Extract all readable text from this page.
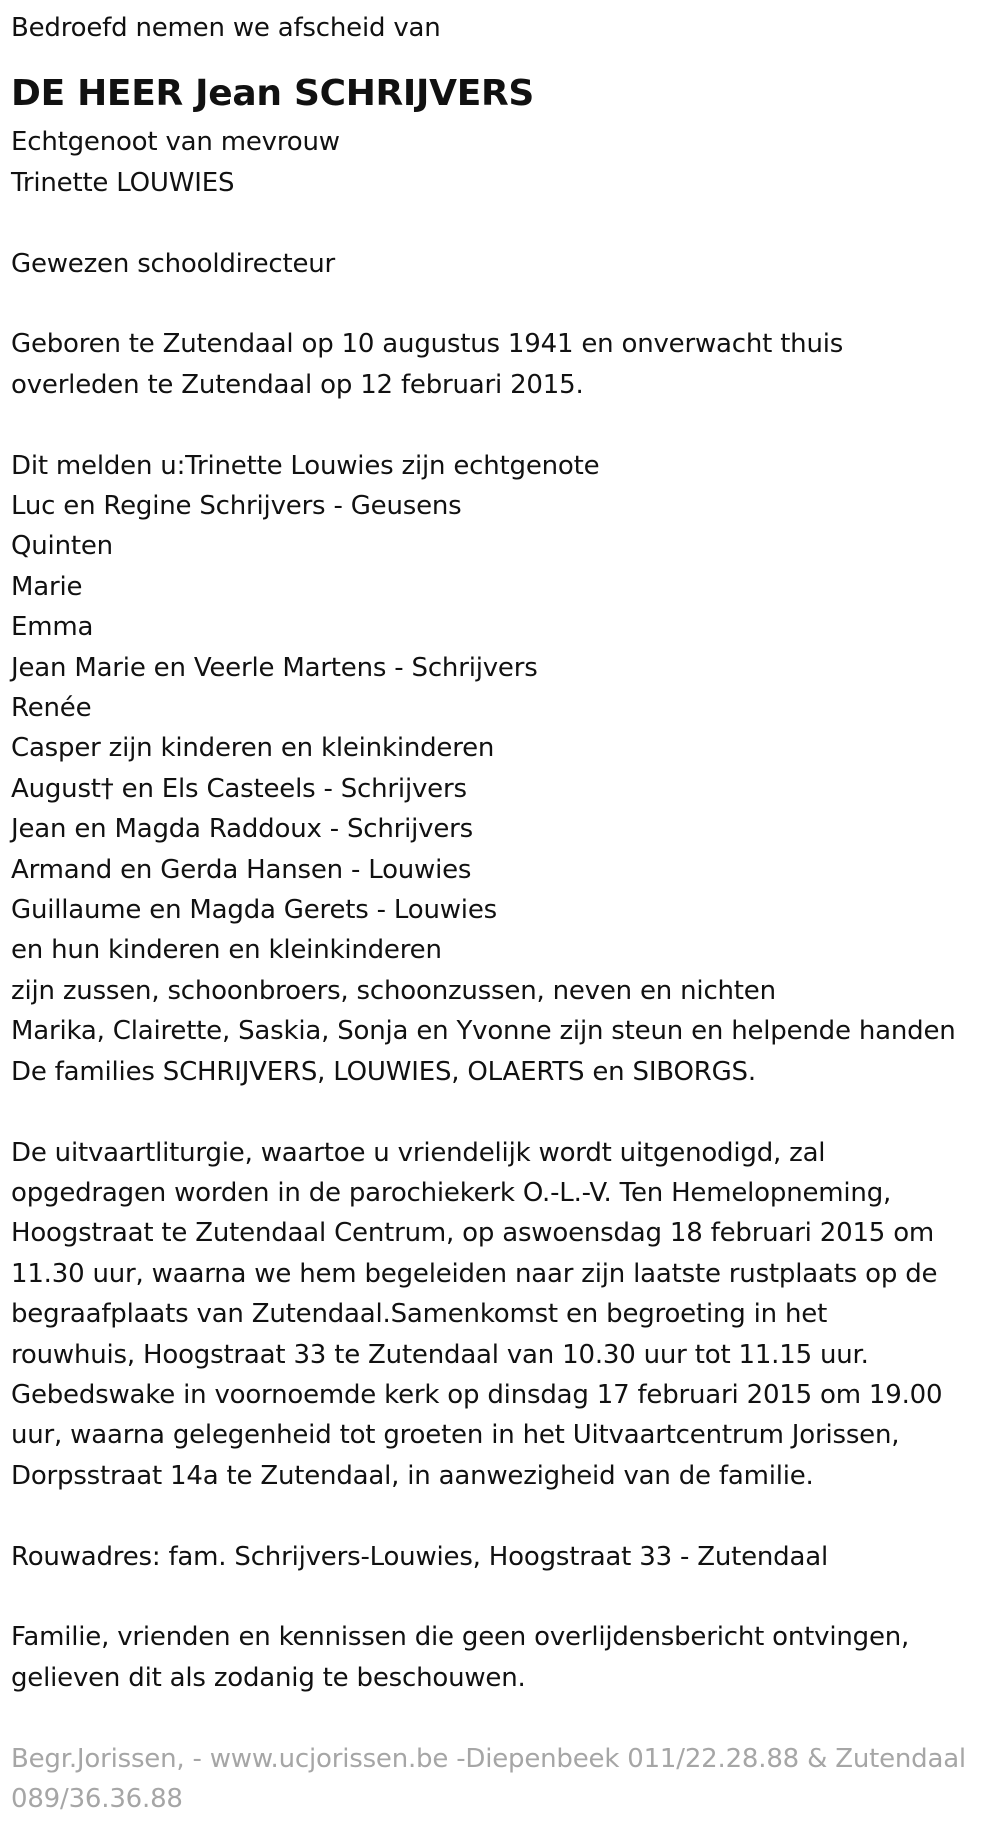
Bedroefd nemen we afscheid van
DE HEER Jean SCHRIJVERS
Echtgenoot van mevrouw
Trinette LOUWIES
Gewezen schooldirecteur
Geboren te Zutendaal op 10 augustus 1941 en onverwacht thuis
overleden te Zutendaal op 12 februari 2015.
Dit melden u:Trinette Louwies zijn echtgenote
Luc en Regine Schrijvers - Geusens
Quinten
Marie
Emma
Jean Marie en Veerle Martens - Schrijvers
Renée
Casper zijn kinderen en kleinkinderen
August† en Els Casteels - Schrijvers
Jean en Magda Raddoux - Schrijvers
Armand en Gerda Hansen - Louwies
Guillaume en Magda Gerets - Louwies
en hun kinderen en kleinkinderen
zijn zussen, schoonbroers, schoonzussen, neven en nichten
Marika, Clairette, Saskia, Sonja en Yvonne zijn steun en helpende handen
De families SCHRIJVERS, LOUWIES, OLAERTS en SIBORGS.
De uitvaartliturgie, waartoe u vriendelijk wordt uitgenodigd, zal
opgedragen worden in de parochiekerk O.-L.-V. Ten Hemelopneming,
Hoogstraat te Zutendaal Centrum, op aswoensdag 18 februari 2015 om
11.30 uur, waarna we hem begeleiden naar zijn laatste rustplaats op de
begraafplaats van Zutendaal.Samenkomst en begroeting in het
rouwhuis, Hoogstraat 33 te Zutendaal van 10.30 uur tot 11.15 uur.
Gebedswake in voornoemde kerk op dinsdag 17 februari 2015 om 19.00
uur, waarna gelegenheid tot groeten in het Uitvaartcentrum Jorissen,
Dorpsstraat 14a te Zutendaal, in aanwezigheid van de familie.
Rouwadres: fam. Schrijvers-Louwies, Hoogstraat 33 - Zutendaal
Familie, vrienden en kennissen die geen overlijdensbericht ontvingen,
gelieven dit als zodanig te beschouwen.
Begr.Jorissen, - www.ucjorissen.be -Diepenbeek 011/22.28.88 & Zutendaal
089/36.36.88
